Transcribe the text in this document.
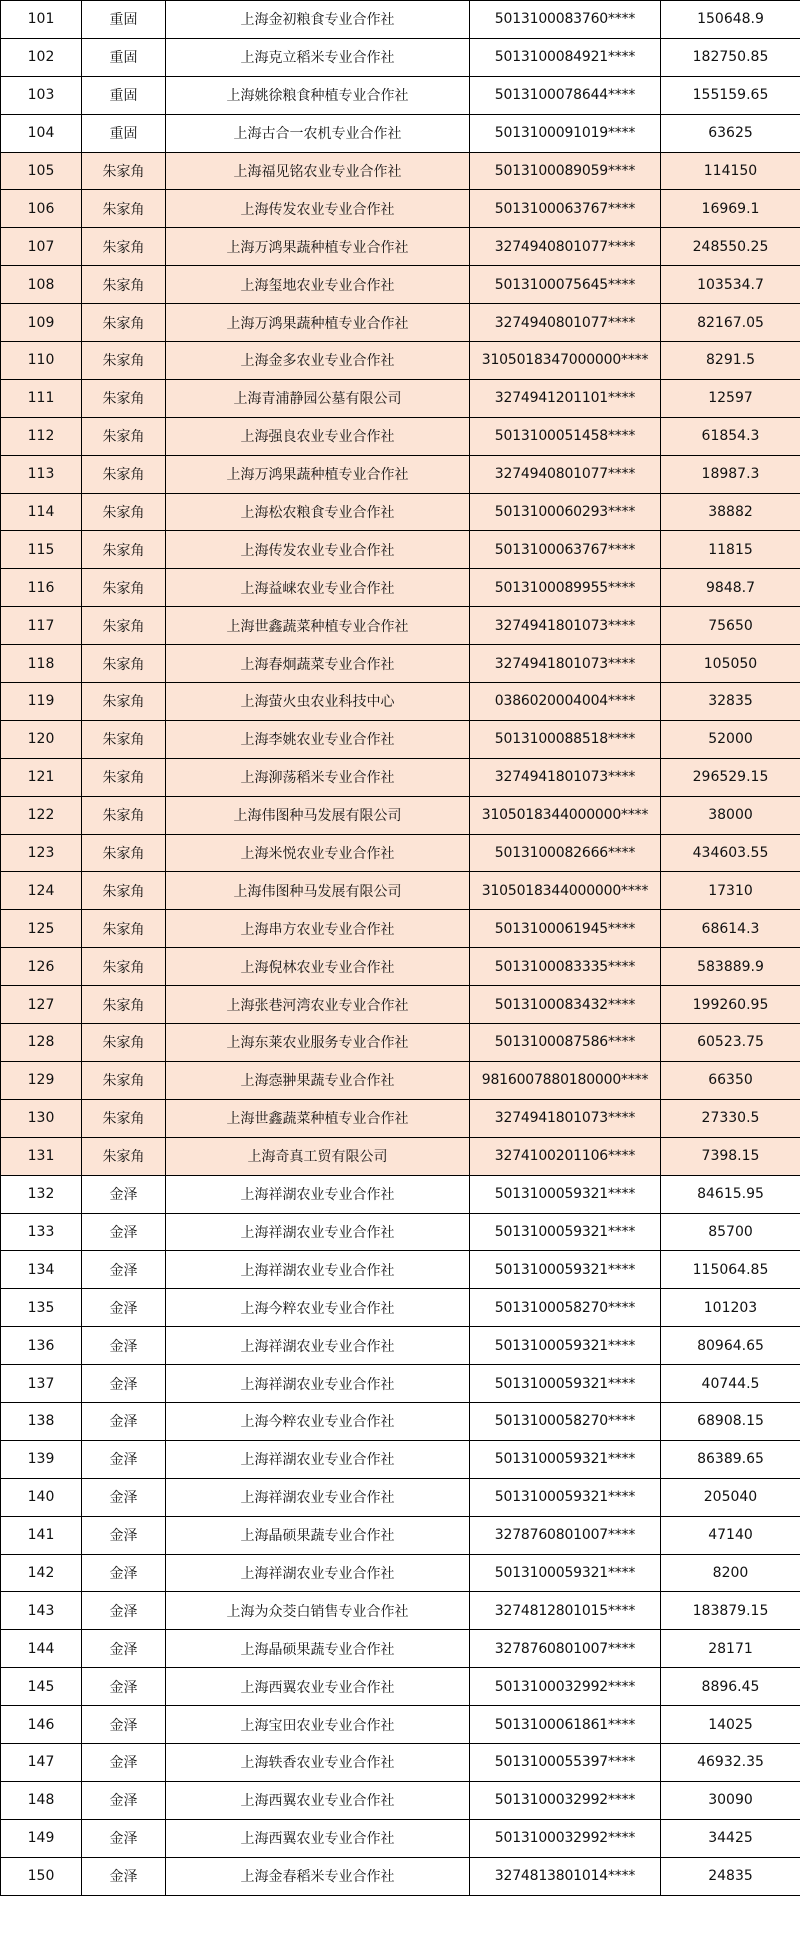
101	重固	上海金初粮食专业合作社	5013100083760****	150648.9
102	重固	上海克立稻米专业合作社	5013100084921****	182750.85
103	重固	上海姚徐粮食种植专业合作社	5013100078644****	155159.65
104	重固	上海古合一农机专业合作社	5013100091019****	63625
105	朱家角	上海福见铭农业专业合作社	5013100089059****	114150
106	朱家角	上海传发农业专业合作社	5013100063767****	16969.1
107	朱家角	上海万鸿果蔬种植专业合作社	3274940801077****	248550.25
108	朱家角	上海玺地农业专业合作社	5013100075645****	103534.7
109	朱家角	上海万鸿果蔬种植专业合作社	3274940801077****	82167.05
110	朱家角	上海金多农业专业合作社	3105018347000000****	8291.5
111	朱家角	上海青浦静园公墓有限公司	3274941201101****	12597
112	朱家角	上海强良农业专业合作社	5013100051458****	61854.3
113	朱家角	上海万鸿果蔬种植专业合作社	3274940801077****	18987.3
114	朱家角	上海松农粮食专业合作社	5013100060293****	38882
115	朱家角	上海传发农业专业合作社	5013100063767****	11815
116	朱家角	上海益崃农业专业合作社	5013100089955****	9848.7
117	朱家角	上海世鑫蔬菜种植专业合作社	3274941801073****	75650
118	朱家角	上海春炯蔬菜专业合作社	3274941801073****	105050
119	朱家角	上海萤火虫农业科技中心	0386020004004****	32835
120	朱家角	上海李姚农业专业合作社	5013100088518****	52000
121	朱家角	上海泖荡稻米专业合作社	3274941801073****	296529.15
122	朱家角	上海伟图种马发展有限公司	3105018344000000****	38000
123	朱家角	上海米悦农业专业合作社	5013100082666****	434603.55
124	朱家角	上海伟图种马发展有限公司	3105018344000000****	17310
125	朱家角	上海串方农业专业合作社	5013100061945****	68614.3
126	朱家角	上海倪林农业专业合作社	5013100083335****	583889.9
127	朱家角	上海张巷河湾农业专业合作社	5013100083432****	199260.95
128	朱家角	上海东莱农业服务专业合作社	5013100087586****	60523.75
129	朱家角	上海悫翀果蔬专业合作社	9816007880180000****	66350
130	朱家角	上海世鑫蔬菜种植专业合作社	3274941801073****	27330.5
131	朱家角	上海奇真工贸有限公司	3274100201106****	7398.15
132	金泽	上海祥湖农业专业合作社	5013100059321****	84615.95
133	金泽	上海祥湖农业专业合作社	5013100059321****	85700
134	金泽	上海祥湖农业专业合作社	5013100059321****	115064.85
135	金泽	上海今粹农业专业合作社	5013100058270****	101203
136	金泽	上海祥湖农业专业合作社	5013100059321****	80964.65
137	金泽	上海祥湖农业专业合作社	5013100059321****	40744.5
138	金泽	上海今粹农业专业合作社	5013100058270****	68908.15
139	金泽	上海祥湖农业专业合作社	5013100059321****	86389.65
140	金泽	上海祥湖农业专业合作社	5013100059321****	205040
141	金泽	上海晶硕果蔬专业合作社	3278760801007****	47140
142	金泽	上海祥湖农业专业合作社	5013100059321****	8200
143	金泽	上海为众茭白销售专业合作社	3274812801015****	183879.15
144	金泽	上海晶硕果蔬专业合作社	3278760801007****	28171
145	金泽	上海西翼农业专业合作社	5013100032992****	8896.45
146	金泽	上海宝田农业专业合作社	5013100061861****	14025
147	金泽	上海轶香农业专业合作社	5013100055397****	46932.35
148	金泽	上海西翼农业专业合作社	5013100032992****	30090
149	金泽	上海西翼农业专业合作社	5013100032992****	34425
150	金泽	上海金春稻米专业合作社	3274813801014****	24835
